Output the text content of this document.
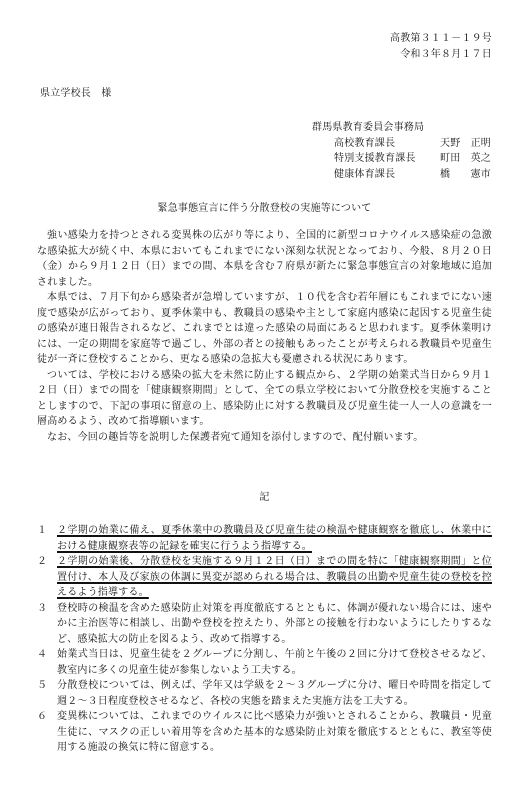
高教第３１１－１９号
令和３年８月１７日
県立学校長　様
群馬県教育委員会事務局
高校教育課長	天野　正明
特別支援教育課長	町田　英之
健康体育課長	橋　　憲市
緊急事態宣言に伴う分散登校の実施等について

強い感染力を持つとされる変異株の広がり等により、全国的に新型コロナウイルス感染症の急激な感染拡大が続く中、本県においてもこれまでにない深刻な状況となっており、今般、８月２０日（金）から９月１２日（日）までの間、本県を含む７府県が新たに緊急事態宣言の対象地域に追加されました。

本県では、７月下旬から感染者が急増していますが、１０代を含む若年層にもこれまでにない速度で感染が広がっており、夏季休業中も、教職員の感染や主として家庭内感染に起因する児童生徒の感染が連日報告されるなど、これまでとは違った感染の局面にあると思われます。夏季休業明けには、一定の期間を家庭等で過ごし、外部の者との接触もあったことが考えられる教職員や児童生徒が一斉に登校することから、更なる感染の急拡大も憂慮される状況にあります。

ついては、学校における感染の拡大を未然に防止する観点から、２学期の始業式当日から９月１２日（日）までの間を「健康観察期間」として、全ての県立学校において分散登校を実施することとしますので、下記の事項に留意の上、感染防止に対する教職員及び児童生徒一人一人の意識を一層高めるよう、改めて指導願います。

なお、今回の趣旨等を説明した保護者宛て通知を添付しますので、配付願います。

記
１ ２学期の始業に備え、夏季休業中の教職員及び児童生徒の検温や健康観察を徹底し、休業中における健康観察表等の記録を確実に行うよう指導する。
２ ２学期の始業後、分散登校を実施する９月１２日（日）までの間を特に「健康観察期間」と位置付け、本人及び家族の体調に異変が認められる場合は、教職員の出勤や児童生徒の登校を控えるよう指導する。
３ 登校時の検温を含めた感染防止対策を再度徹底するとともに、体調が優れない場合には、速やかに主治医等に相談し、出勤や登校を控えたり、外部との接触を行わないようにしたりするなど、感染拡大の防止を図るよう、改めて指導する。
４ 始業式当日は、児童生徒を２グループに分割し、午前と午後の２回に分けて登校させるなど、教室内に多くの児童生徒が参集しないよう工夫する。
５ 分散登校については、例えば、学年又は学級を２～３グループに分け、曜日や時間を指定して週２～３日程度登校させるなど、各校の実態を踏まえた実施方法を工夫する。
６ 変異株については、これまでのウイルスに比べ感染力が強いとされることから、教職員・児童生徒に、マスクの正しい着用等を含めた基本的な感染防止対策を徹底するとともに、教室等使用する施設の換気に特に留意する。
